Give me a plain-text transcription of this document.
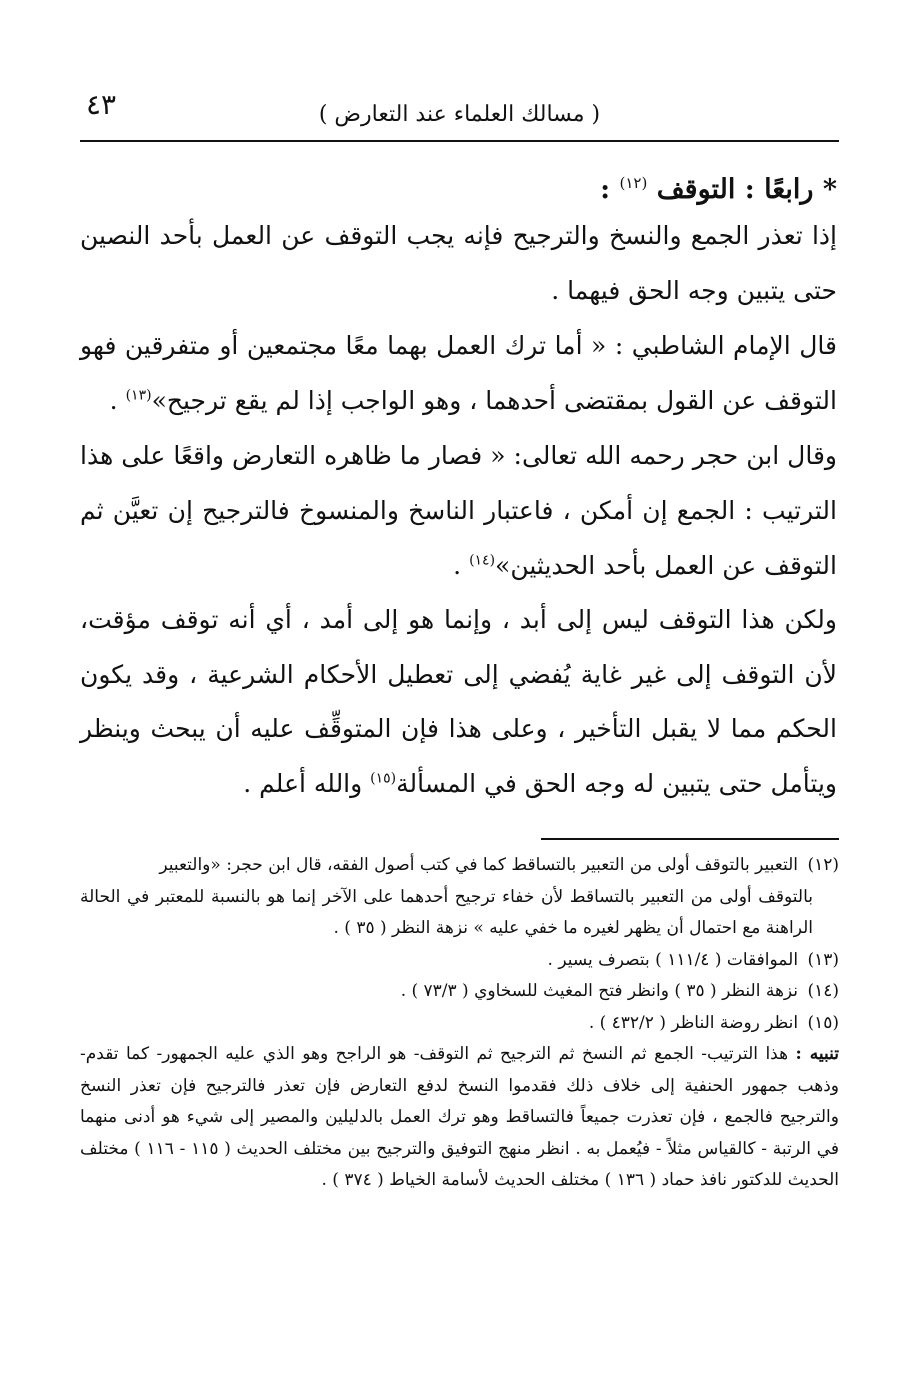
٤٣	( مسالك العلماء عند التعارض )
* رابعًا : التوقف $^{(١٢)}$ :

إذا تعذر الجمع والنسخ والترجيح فإنه يجب التوقف عن العمل بأحد النصين حتى يتبين وجه الحق فيهما .

قال الإمام الشاطبي : « أما ترك العمل بهما معًا مجتمعين أو متفرقين فهو التوقف عن القول بمقتضى أحدهما ، وهو الواجب إذا لم يقع ترجيح»$^{(١٣)}$ .

وقال ابن حجر رحمه الله تعالى: « فصار ما ظاهره التعارض واقعًا على هذا الترتيب : الجمع إن أمكن ، فاعتبار الناسخ والمنسوخ فالترجيح إن تعيَّن ثم التوقف عن العمل بأحد الحديثين»$^{(١٤)}$ .

ولكن هذا التوقف ليس إلى أبد ، وإنما هو إلى أمد ، أي أنه توقف مؤقت، لأن التوقف إلى غير غاية يُفضي إلى تعطيل الأحكام الشرعية ، وقد يكون الحكم مما لا يقبل التأخير ، وعلى هذا فإن المتوقِّف عليه أن يبحث وينظر ويتأمل حتى يتبين له وجه الحق في المسألة$^{(١٥)}$ والله أعلم .

(١٢) التعبير بالتوقف أولى من التعبير بالتساقط كما في كتب أصول الفقه، قال ابن حجر: «والتعبير
بالتوقف أولى من التعبير بالتساقط لأن خفاء ترجيح أحدهما على الآخر إنما هو بالنسبة للمعتبر في الحالة الراهنة مع احتمال أن يظهر لغيره ما خفي عليه » نزهة النظر ( ٣٥ ) .

(١٣) الموافقات ( ١١١/٤ ) بتصرف يسير .

(١٤) نزهة النظر ( ٣٥ ) وانظر فتح المغيث للسخاوي ( ٧٣/٣ ) .

(١٥) انظر روضة الناظر ( ٤٣٢/٢ ) .

تنبيه : هذا الترتيب- الجمع ثم النسخ ثم الترجيح ثم التوقف- هو الراجح وهو الذي عليه الجمهور- كما تقدم- وذهب جمهور الحنفية إلى خلاف ذلك فقدموا النسخ لدفع التعارض فإن تعذر فالترجيح فإن تعذر النسخ والترجيح فالجمع ، فإن تعذرت جميعاً فالتساقط وهو ترك العمل بالدليلين والمصير إلى شيء هو أدنى منهما في الرتبة - كالقياس مثلاً - فيُعمل به . انظر منهج التوفيق والترجيح بين مختلف الحديث ( ١١٥ - ١١٦ ) مختلف الحديث للدكتور نافذ حماد ( ١٣٦ ) مختلف الحديث لأسامة الخياط ( ٣٧٤ ) .
